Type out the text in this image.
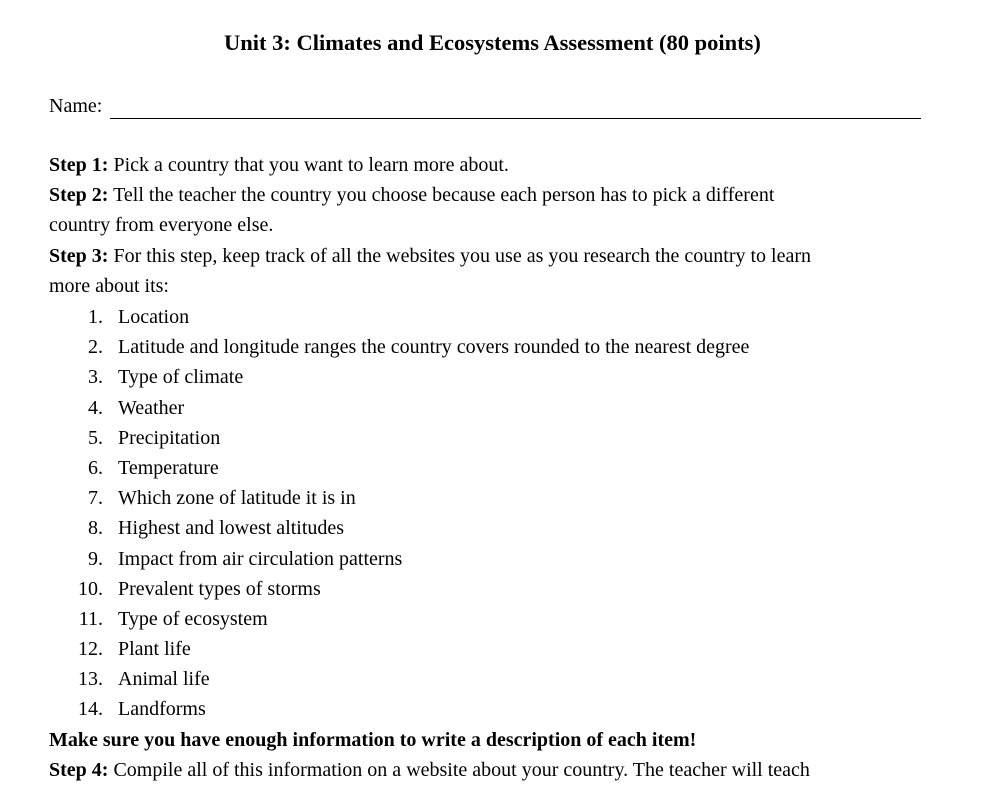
Unit 3: Climates and Ecosystems Assessment (80 points)
Name:
Step 1: Pick a country that you want to learn more about.
Step 2: Tell the teacher the country you choose because each person has to pick a different
country from everyone else.
Step 3: For this step, keep track of all the websites you use as you research the country to learn
more about its:
1. Location
2. Latitude and longitude ranges the country covers rounded to the nearest degree
3. Type of climate
4. Weather
5. Precipitation
6. Temperature
7. Which zone of latitude it is in
8. Highest and lowest altitudes
9. Impact from air circulation patterns
10. Prevalent types of storms
11. Type of ecosystem
12. Plant life
13. Animal life
14. Landforms
Make sure you have enough information to write a description of each item!
Step 4: Compile all of this information on a website about your country. The teacher will teach
